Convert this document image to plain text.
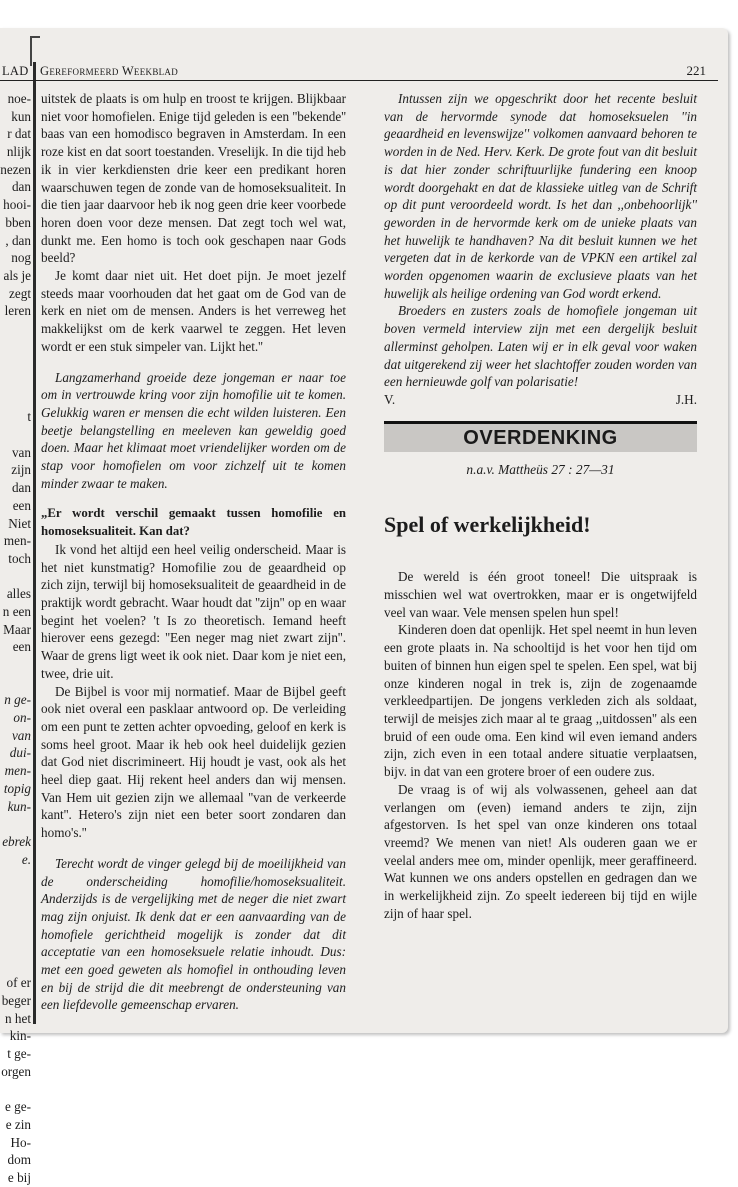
LAD Gereformeerd Weekblad	221
noe-
kun
r dat
nlijk
nezen
dan
hooi-
bben
, dan
nog
als je
zegt
leren
t
van
zijn
dan
een
Niet
men-
toch
alles
n een
Maar
een
n ge-
on-
van
dui-
men-
topig
kun-
ebrek
e.
of er
beger
n het
kin-
t ge-
orgen
e ge-
e zin
Ho-
dom
e bij

uitstek de plaats is om hulp en troost te krijgen. Blijkbaar niet voor homofielen. Enige tijd geleden is een ''bekende'' baas van een homodisco begraven in Amsterdam. In een roze kist en dat soort toestanden. Vreselijk. In die tijd heb ik in vier kerkdiensten drie keer een predikant horen waarschuwen tegen de zonde van de homoseksualiteit. In die tien jaar daarvoor heb ik nog geen drie keer voorbede horen doen voor deze mensen. Dat zegt toch wel wat, dunkt me. Een homo is toch ook geschapen naar Gods beeld?

Je komt daar niet uit. Het doet pijn. Je moet jezelf steeds maar voorhouden dat het gaat om de God van de kerk en niet om de mensen. Anders is het verreweg het makkelijkst om de kerk vaarwel te zeggen. Het leven wordt er een stuk simpeler van. Lijkt het.''

Langzamerhand groeide deze jongeman er naar toe om in vertrouwde kring voor zijn homofilie uit te komen. Gelukkig waren er mensen die echt wilden luisteren. Een beetje belangstelling en meeleven kan geweldig goed doen. Maar het klimaat moet vriendelijker worden om de stap voor homofielen om voor zichzelf uit te komen minder zwaar te maken.

„Er wordt verschil gemaakt tussen homofilie en homoseksualiteit. Kan dat?

Ik vond het altijd een heel veilig onderscheid. Maar is het niet kunstmatig? Homofilie zou de geaardheid op zich zijn, terwijl bij homoseksualiteit de geaardheid in de praktijk wordt gebracht. Waar houdt dat ''zijn'' op en waar begint het voelen? 't Is zo theoretisch. Iemand heeft hierover eens gezegd: ''Een neger mag niet zwart zijn''. Waar de grens ligt weet ik ook niet. Daar kom je niet een, twee, drie uit.

De Bijbel is voor mij normatief. Maar de Bijbel geeft ook niet overal een pasklaar antwoord op. De verleiding om een punt te zetten achter opvoeding, geloof en kerk is soms heel groot. Maar ik heb ook heel duidelijk gezien dat God niet discrimineert. Hij houdt je vast, ook als het heel diep gaat. Hij rekent heel anders dan wij mensen. Van Hem uit gezien zijn we allemaal ''van de verkeerde kant''. Hetero's zijn niet een beter soort zondaren dan homo's.''

Terecht wordt de vinger gelegd bij de moeilijkheid van de onderscheiding homofilie/homoseksualiteit. Anderzijds is de vergelijking met de neger die niet zwart mag zijn onjuist. Ik denk dat er een aanvaarding van de homofiele gerichtheid mogelijk is zonder dat dit acceptatie van een homoseksuele relatie inhoudt. Dus: met een goed geweten als homofiel in onthouding leven en bij de strijd die dit meebrengt de ondersteuning van een liefdevolle gemeenschap ervaren.

Intussen zijn we opgeschrikt door het recente besluit van de hervormde synode dat homoseksuelen ''in geaardheid en levenswijze'' volkomen aanvaard behoren te worden in de Ned. Herv. Kerk. De grote fout van dit besluit is dat hier zonder schriftuurlijke fundering een knoop wordt doorgehakt en dat de klassieke uitleg van de Schrift op dit punt veroordeeld wordt. Is het dan ,,onbehoorlijk'' geworden in de hervormde kerk om de unieke plaats van het huwelijk te handhaven? Na dit besluit kunnen we het vergeten dat in de kerkorde van de VPKN een artikel zal worden opgenomen waarin de exclusieve plaats van het huwelijk als heilige ordening van God wordt erkend.

Broeders en zusters zoals de homofiele jongeman uit boven vermeld interview zijn met een dergelijk besluit allerminst geholpen. Laten wij er in elk geval voor waken dat uitgerekend zij weer het slachtoffer zouden worden van een hernieuwde golf van polarisatie!

V.	J.H.
OVERDENKING
n.a.v. Mattheüs 27 : 27—31
Spel of werkelijkheid!

De wereld is één groot toneel! Die uitspraak is misschien wel wat overtrokken, maar er is ongetwijfeld veel van waar. Vele mensen spelen hun spel!

Kinderen doen dat openlijk. Het spel neemt in hun leven een grote plaats in. Na schooltijd is het voor hen tijd om buiten of binnen hun eigen spel te spelen. Een spel, wat bij onze kinderen nogal in trek is, zijn de zogenaamde verkleedpartijen. De jongens verkleden zich als soldaat, terwijl de meisjes zich maar al te graag ,,uitdossen'' als een bruid of een oude oma. Een kind wil even iemand anders zijn, zich even in een totaal andere situatie verplaatsen, bijv. in dat van een grotere broer of een oudere zus.

De vraag is of wij als volwassenen, geheel aan dat verlangen om (even) iemand anders te zijn, zijn afgestorven. Is het spel van onze kinderen ons totaal vreemd? We menen van niet! Als ouderen gaan we er veelal anders mee om, minder openlijk, meer geraffineerd. Wat kunnen we ons anders opstellen en gedragen dan we in werkelijkheid zijn. Zo speelt iedereen bij tijd en wijle zijn of haar spel.
